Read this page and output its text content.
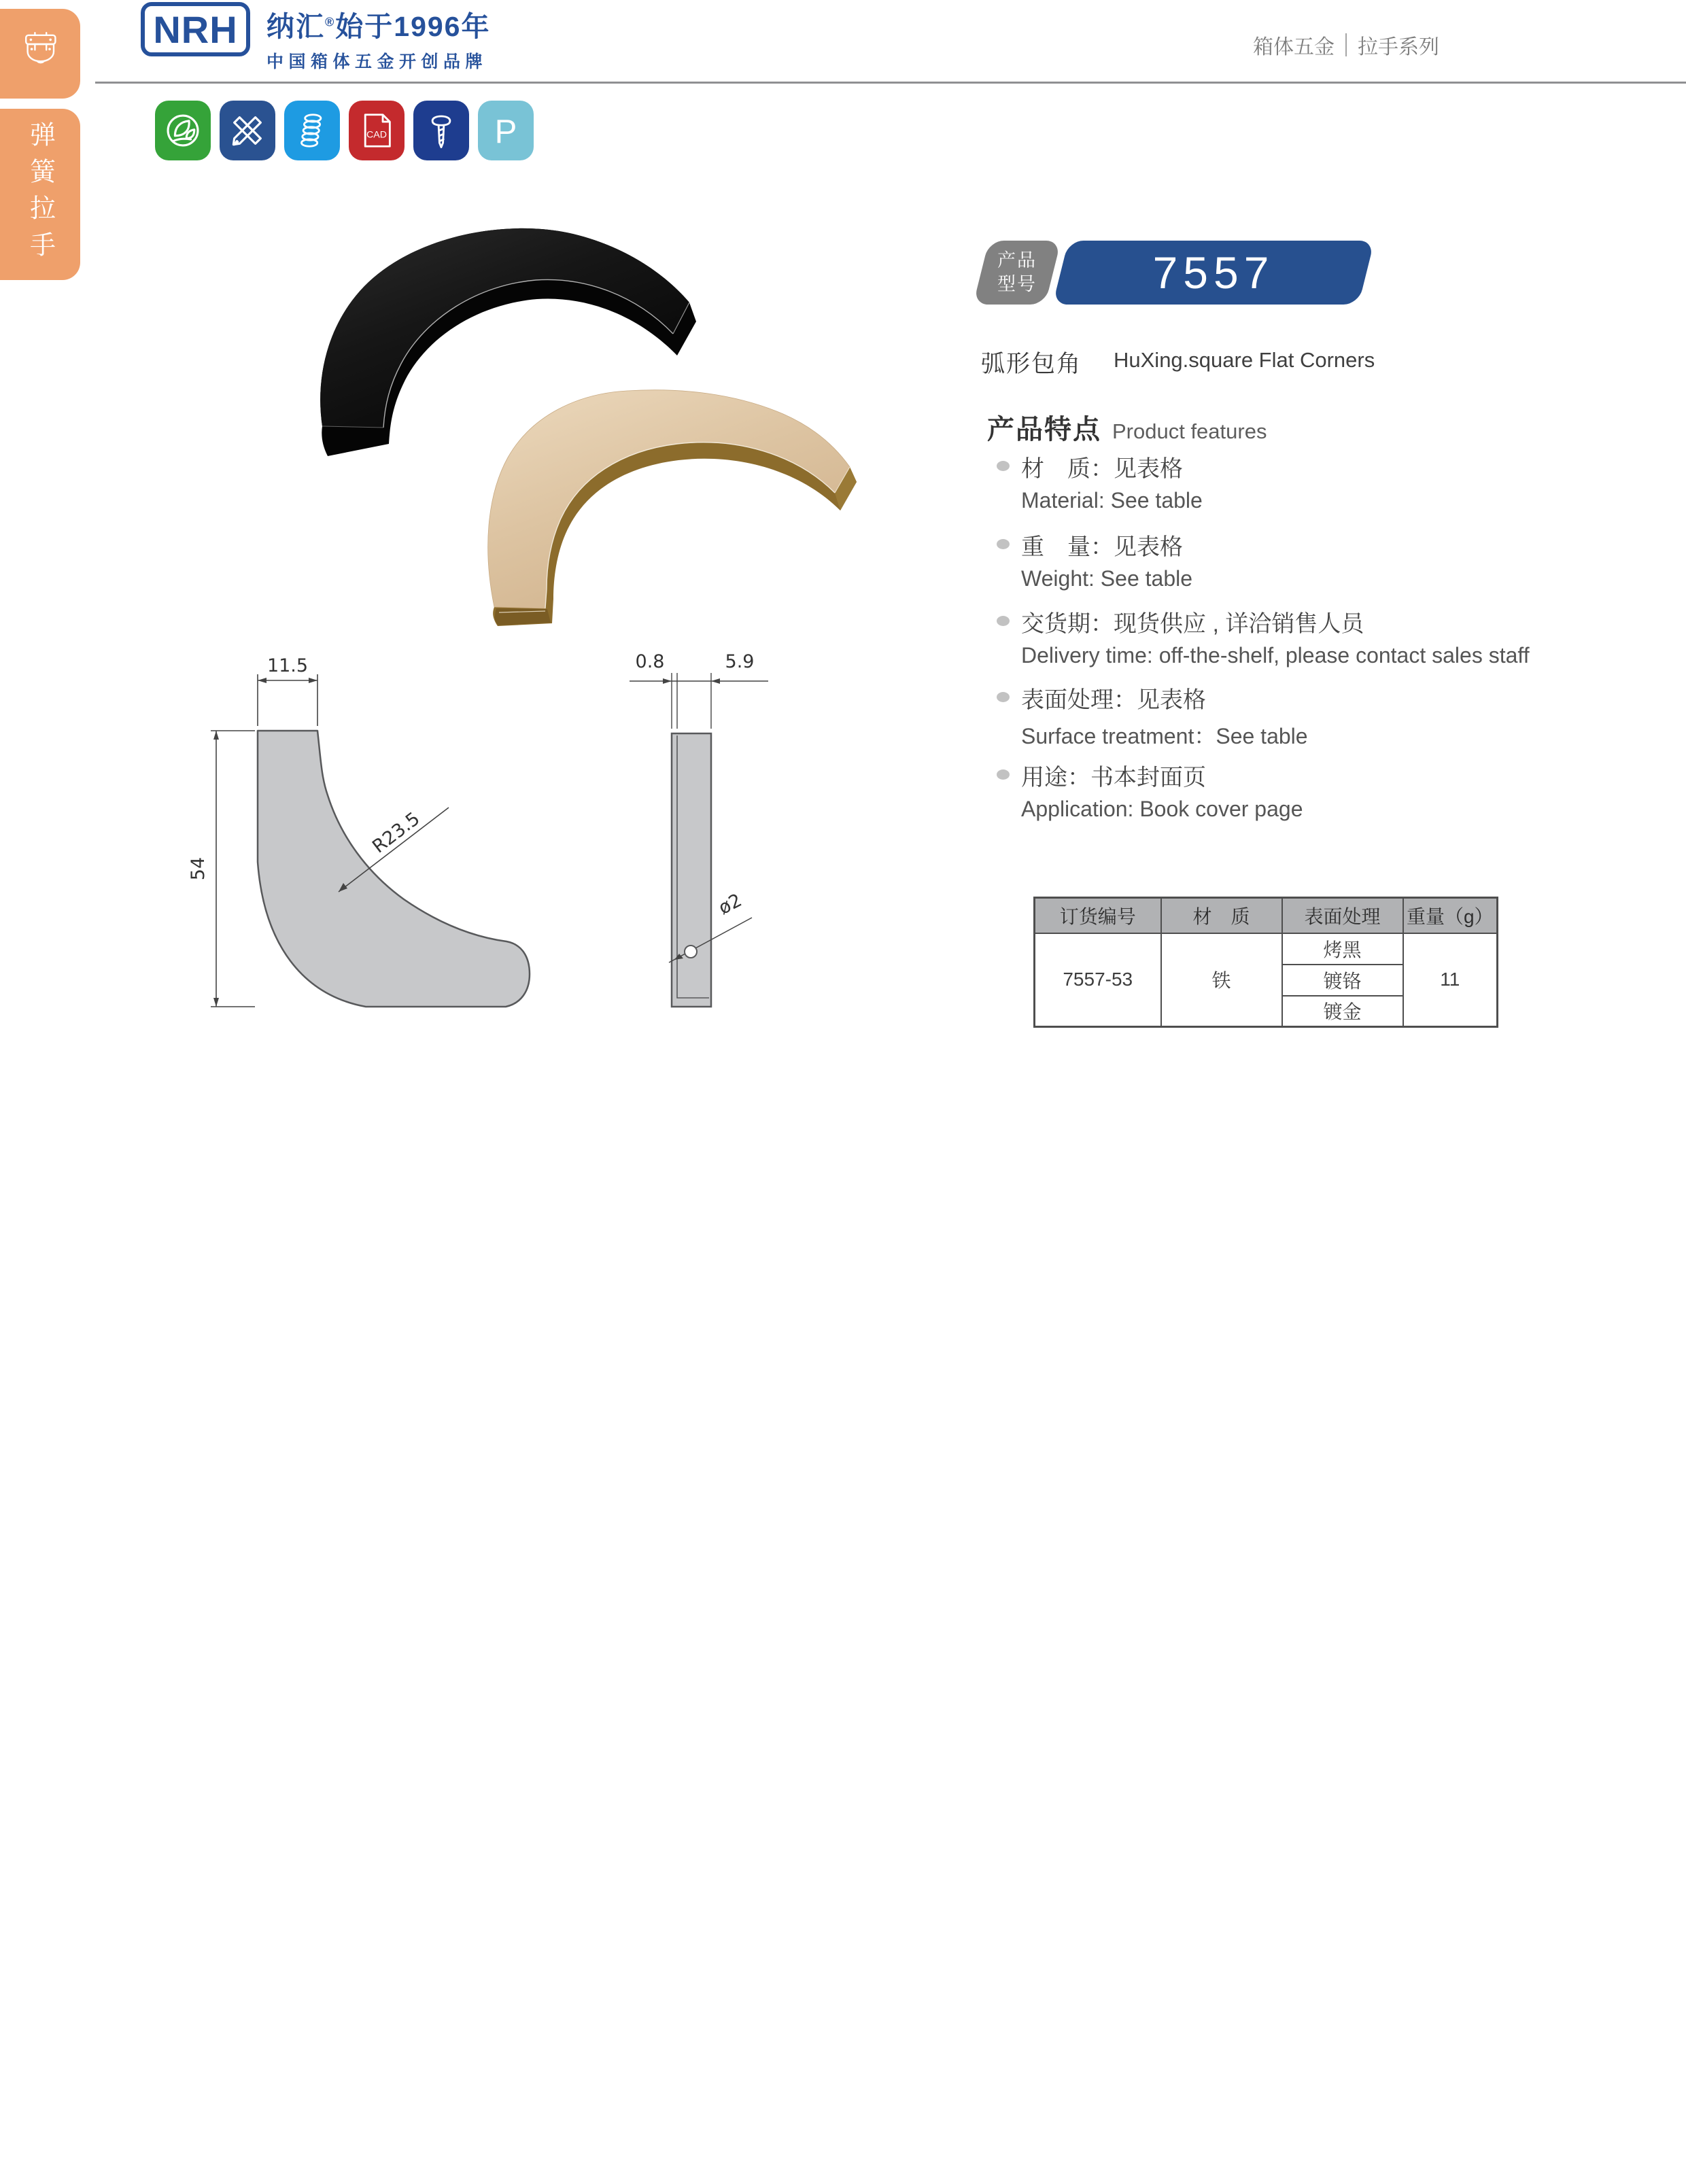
弹簧拉手
NRH 纳汇®始于1996年
中国箱体五金开创品牌
箱体五金 拉手系列
CAD	P
11.5
54
R23.5
0.8	5.9
ø2
产品
型号	7557
弧形包角 HuXing.square Flat Corners
产品特点 Product features
材　质：见表格
Material: See table
重　量：见表格
Weight: See table
交货期：现货供应 , 详洽销售人员
Delivery time: off-the-shelf, please contact sales staff
表面处理：见表格
Surface treatment：See table
用途：书本封面页
Application: Book cover page
订货编号	材　质	表面处理	重量（g）
7557-53	铁	烤黑	11
		镀铬	
		镀金	
